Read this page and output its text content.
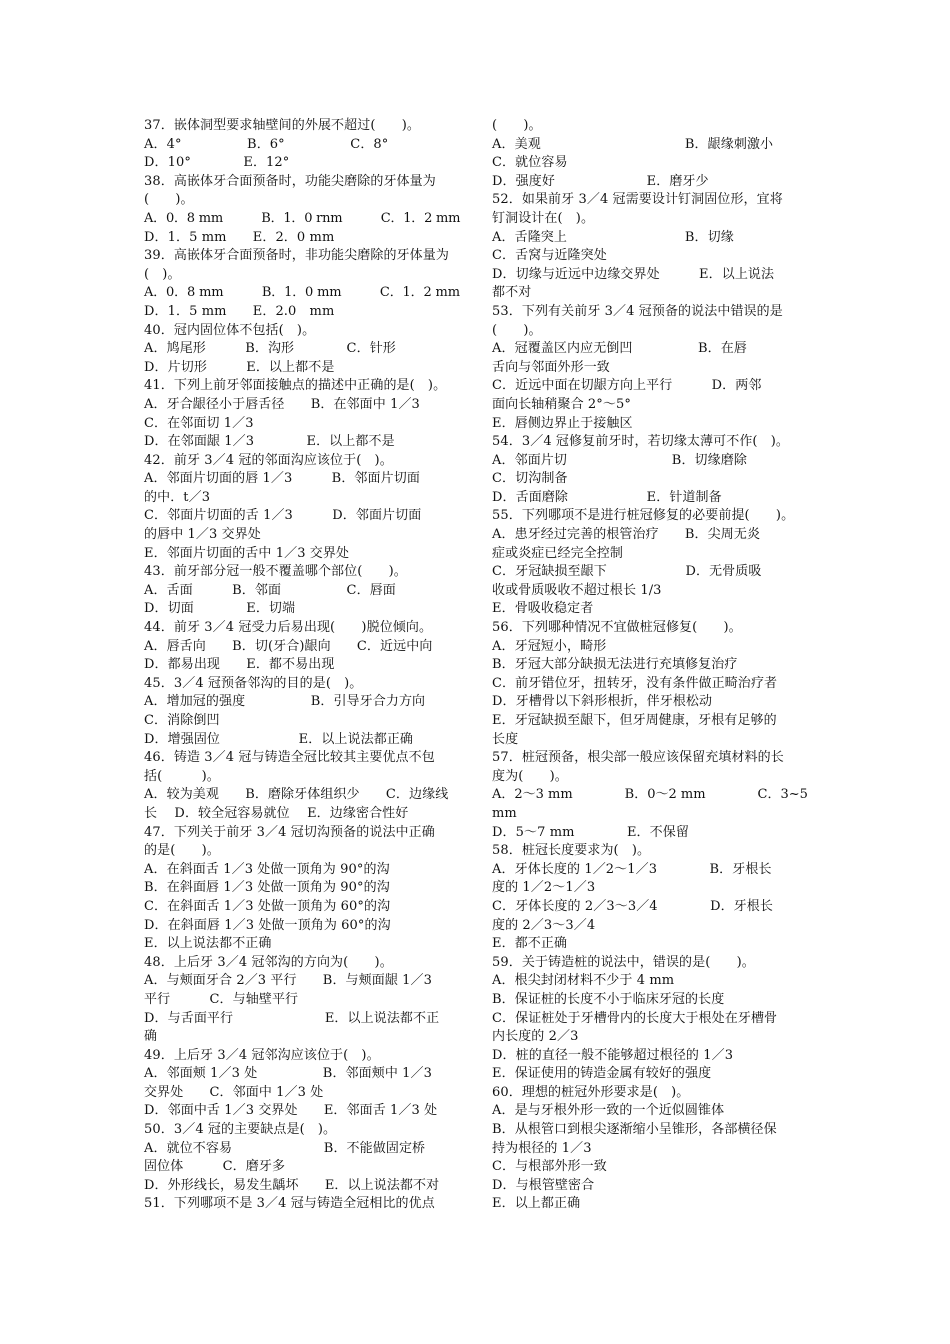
37．嵌体洞型要求轴壁间的外展不超过(　　)。
A．4°　　　　　B．6°　　　　　C．8°
D．10°　　　　E．12°
38．高嵌体牙合面预备时，功能尖磨除的牙体量为
(　　)。
A．0．8 mm　　　B．1．0 rnm　　　C．1．2 mm
D．1．5 mm　　E．2．0 mm
39．高嵌体牙合面预备时，非功能尖磨除的牙体量为
(　)。
A．0．8 mm　　　B．1．0 mm　　　C．1．2 mm
D．1．5 mm　　E．2.0　mm
40．冠内固位体不包括(　)。
A．鸠尾形　　　B．沟形　　　　C．针形
D．片切形　　　E．以上都不是
41．下列上前牙邻面接触点的描述中正确的是(　)。
A．牙合龈径小于唇舌径　　B．在邻面中 1／3
C．在邻面切 1／3
D．在邻面龈 1／3　　　　E．以上都不是
42．前牙 3／4 冠的邻面沟应该位于(　)。
A．邻面片切面的唇 1／3　　　B．邻面片切面
的中．t／3
C．邻面片切面的舌 1／3　　　D．邻面片切面
的唇中 1／3 交界处
E．邻面片切面的舌中 1／3 交界处
43．前牙部分冠一般不覆盖哪个部位(　　)。
A．舌面　　　B．邻面　　　　　C．唇面
D．切面　　　　E．切端
44．前牙 3／4 冠受力后易出现(　　)脱位倾向。
A．唇舌向　　B．切(牙合)龈向　　C．近远中向
D．都易出现　　E．都不易出现
45．3／4 冠预备邻沟的目的是(　)。
A．增加冠的强度　　　　　B．引导牙合力方向
C．消除倒凹
D．增强固位　　　　　　E．以上说法都正确
46．铸造 3／4 冠与铸造全冠比较其主要优点不包
括(　　　)。
A．较为美观　　B．磨除牙体组织少　　C．边缘线
长　 D．较全冠容易就位　 E．边缘密合性好
47．下列关于前牙 3／4 冠切沟预备的说法中正确
的是(　　)。
A．在斜面舌 1／3 处做一顶角为 90°的沟
B．在斜面唇 1／3 处做一顶角为 90°的沟
C．在斜面舌 1／3 处做一顶角为 60°的沟
D．在斜面唇 1／3 处做一顶角为 60°的沟
E．以上说法都不正确
48．上后牙 3／4 冠邻沟的方向为(　　)。
A．与颊面牙合 2／3 平行　　B．与颊面龈 1／3
平行　　　C．与轴壁平行
D．与舌面平行　　　　　　　E．以上说法都不正
确
49．上后牙 3／4 冠邻沟应该位于(　)。
A．邻面颊 1／3 处　　　　　B．邻面颊中 1／3
交界处　　C．邻面中 1／3 处
D．邻面中舌 1／3 交界处　　E．邻面舌 1／3 处
50．3／4 冠的主要缺点是(　)。
A．就位不容易　　　　　　　B．不能做固定桥
固位体　　　C．磨牙多
D．外形线长，易发生龋坏　　E．以上说法都不对
51．下列哪项不是 3／4 冠与铸造全冠相比的优点
(　　)。
A．美观　　　　　　　　　　　B．龈缘刺激小
C．就位容易
D．强度好　　　　　　　E．磨牙少
52．如果前牙 3／4 冠需要设计钉洞固位形，宜将
钉洞设计在(　)。
A．舌隆突上　　　　　　　　　B．切缘
C．舌窝与近隆突处
D．切缘与近远中边缘交界处　　　E．以上说法
都不对
53．下列有关前牙 3／4 冠预备的说法中错误的是
(　　)。
A．冠覆盖区内应无倒凹　　　　　B．在唇
舌向与邻面外形一致
C．近远中面在切龈方向上平行　　　D．两邻
面向长轴稍聚合 2°～5°
E．唇侧边界止于接触区
54．3／4 冠修复前牙时，若切缘太薄可不作(　)。
A．邻面片切　　　　　　　　B．切缘磨除
C．切沟制备
D．舌面磨除　　　　　　E．针道制备
55．下列哪项不是进行桩冠修复的必要前提(　　)。
A．患牙经过完善的根管治疗　　B．尖周无炎
症或炎症已经完全控制
C．牙冠缺损至龈下　　　　　　D．无骨质吸
收或骨质吸收不超过根长 1/3
E．骨吸收稳定者
56．下列哪种情况不宜做桩冠修复(　　)。
A．牙冠短小，畸形
B．牙冠大部分缺损无法进行充填修复治疗
C．前牙错位牙，扭转牙，没有条件做正畸治疗者
D．牙槽骨以下斜形根折，伴牙根松动
E．牙冠缺损至龈下，但牙周健康，牙根有足够的
长度
57．桩冠预备，根尖部一般应该保留充填材料的长
度为(　　)。
A．2～3 mm　　　　B．0～2 mm　　　　C．3~5
mm
D．5～7 mm　　　　E．不保留
58．桩冠长度要求为(　)。
A．牙体长度的 1／2～1／3　　　　B．牙根长
度的 1／2～1／3
C．牙体长度的 2／3～3／4　　　　D．牙根长
度的 2／3～3／4
E．都不正确
59．关于铸造桩的说法中，错误的是(　　)。
A．根尖封闭材料不少于 4 mm
B．保证桩的长度不小于临床牙冠的长度
C．保证桩处于牙槽骨内的长度大于根处在牙槽骨
内长度的 2／3
D．桩的直径一般不能够超过根径的 1／3
E．保证使用的铸造金属有较好的强度
60．理想的桩冠外形要求是(　)。
A．是与牙根外形一致的一个近似圆锥体
B．从根管口到根尖逐渐缩小呈锥形，各部横径保
持为根径的 1／3
C．与根部外形一致
D．与根管壁密合
E．以上都正确
